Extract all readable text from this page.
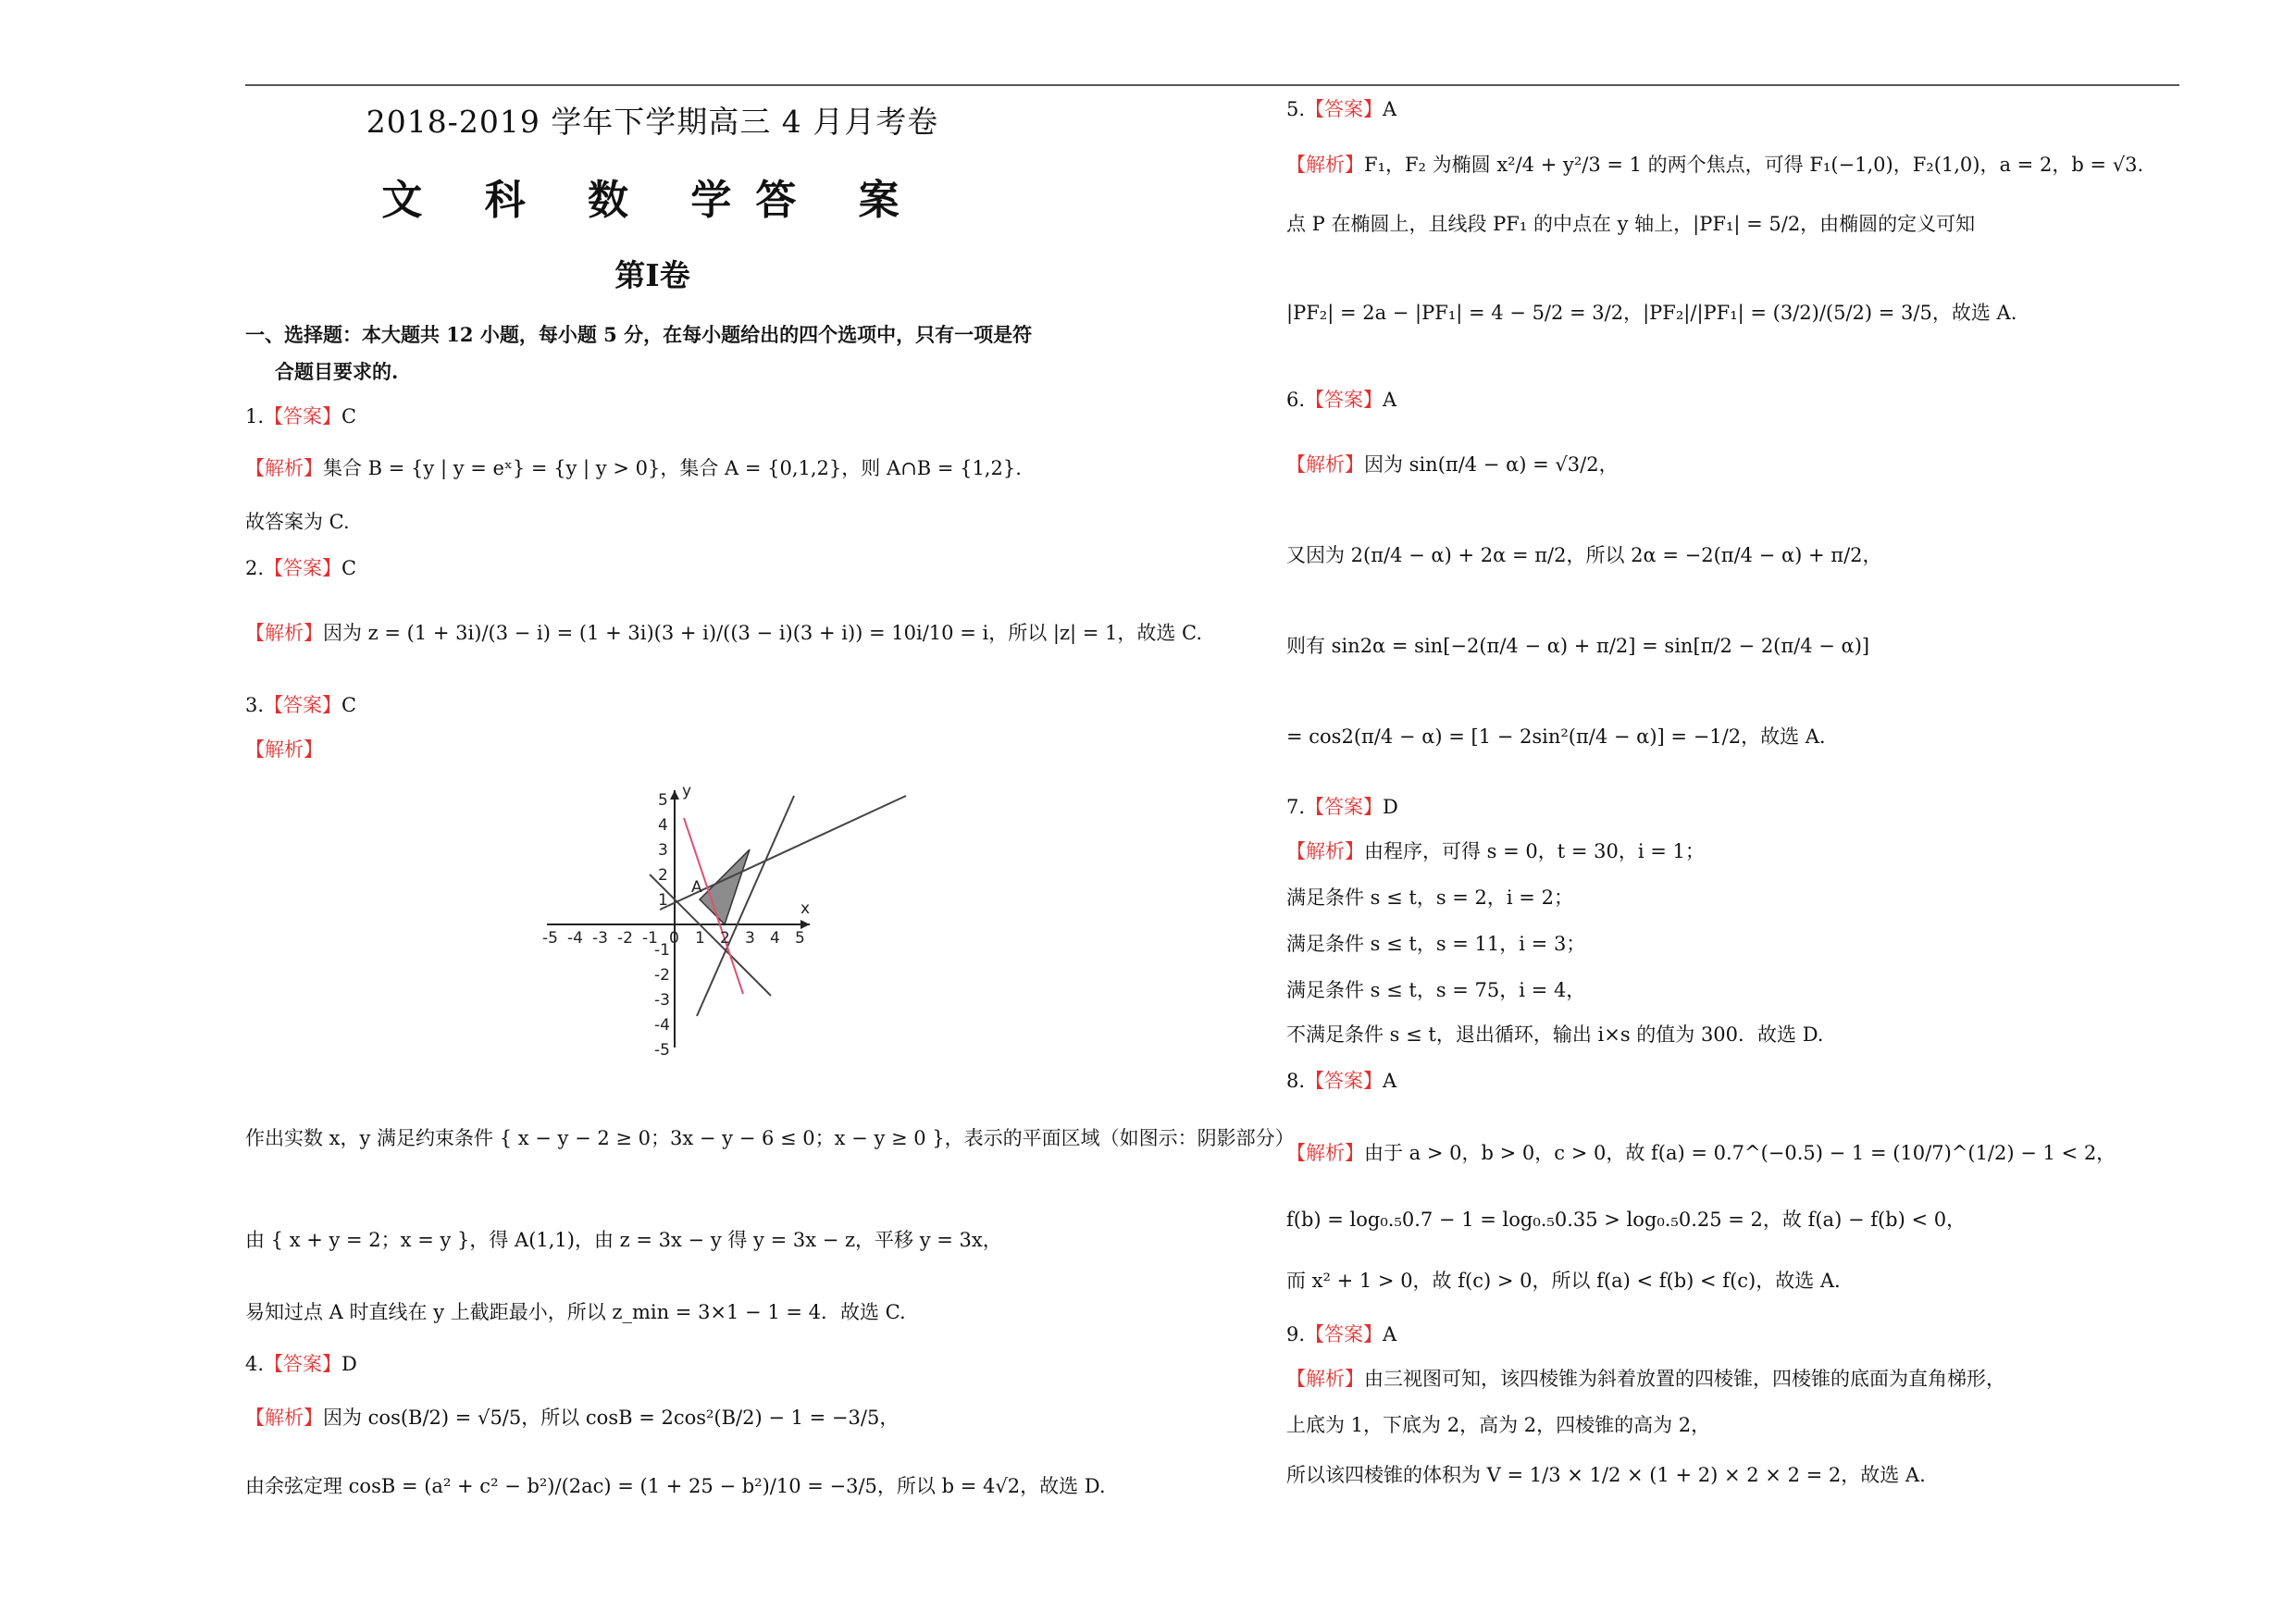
2018-2019 学年下学期高三 4 月月考卷
文 科 数 学答 案
第Ⅰ卷
一、选择题：本大题共 12 小题，每小题 5 分，在每小题给出的四个选项中，只有一项是符
合题目要求的.
1.【答案】C
【解析】集合 B = {y | y = eˣ} = {y | y > 0}，集合 A = {0,1,2}，则 A∩B = {1,2}.
故答案为 C.
2.【答案】C
【解析】因为 z = (1 + 3i)/(3 − i) = (1 + 3i)(3 + i)/((3 − i)(3 + i)) = 10i/10 = i，所以 |z| = 1，故选 C.
3.【答案】C
【解析】
y
x
A
-5 -4 -3 -2 -1 0 1 2 3 4 5
5
4
3
2
1
-1
-2
-3
-4
-5
作出实数 x，y 满足约束条件 { x − y − 2 ≥ 0；3x − y − 6 ≤ 0；x − y ≥ 0 }，表示的平面区域（如图示：阴影部分）
由 { x + y = 2；x = y }，得 A(1,1)，由 z = 3x − y 得 y = 3x − z，平移 y = 3x，
易知过点 A 时直线在 y 上截距最小，所以 z_min = 3×1 − 1 = 4．故选 C.
4.【答案】D
【解析】因为 cos(B/2) = √5/5，所以 cosB = 2cos²(B/2) − 1 = −3/5，
由余弦定理 cosB = (a² + c² − b²)/(2ac) = (1 + 25 − b²)/10 = −3/5，所以 b = 4√2，故选 D.
5.【答案】A
【解析】F₁，F₂ 为椭圆 x²/4 + y²/3 = 1 的两个焦点，可得 F₁(−1,0)，F₂(1,0)，a = 2，b = √3.
点 P 在椭圆上，且线段 PF₁ 的中点在 y 轴上，|PF₁| = 5/2，由椭圆的定义可知
|PF₂| = 2a − |PF₁| = 4 − 5/2 = 3/2，|PF₂|/|PF₁| = (3/2)/(5/2) = 3/5，故选 A.
6.【答案】A
【解析】因为 sin(π/4 − α) = √3/2，
又因为 2(π/4 − α) + 2α = π/2，所以 2α = −2(π/4 − α) + π/2，
则有 sin2α = sin[−2(π/4 − α) + π/2] = sin[π/2 − 2(π/4 − α)]
= cos2(π/4 − α) = [1 − 2sin²(π/4 − α)] = −1/2，故选 A.
7.【答案】D
【解析】由程序，可得 s = 0，t = 30，i = 1；
满足条件 s ≤ t，s = 2，i = 2；
满足条件 s ≤ t，s = 11，i = 3；
满足条件 s ≤ t，s = 75，i = 4，
不满足条件 s ≤ t，退出循环，输出 i×s 的值为 300．故选 D.
8.【答案】A
【解析】由于 a > 0，b > 0，c > 0，故 f(a) = 0.7^(−0.5) − 1 = (10/7)^(1/2) − 1 < 2，
f(b) = log₀.₅0.7 − 1 = log₀.₅0.35 > log₀.₅0.25 = 2，故 f(a) − f(b) < 0，
而 x² + 1 > 0，故 f(c) > 0，所以 f(a) < f(b) < f(c)，故选 A.
9.【答案】A
【解析】由三视图可知，该四棱锥为斜着放置的四棱锥，四棱锥的底面为直角梯形，
上底为 1，下底为 2，高为 2，四棱锥的高为 2，
所以该四棱锥的体积为 V = 1/3 × 1/2 × (1 + 2) × 2 × 2 = 2，故选 A.
